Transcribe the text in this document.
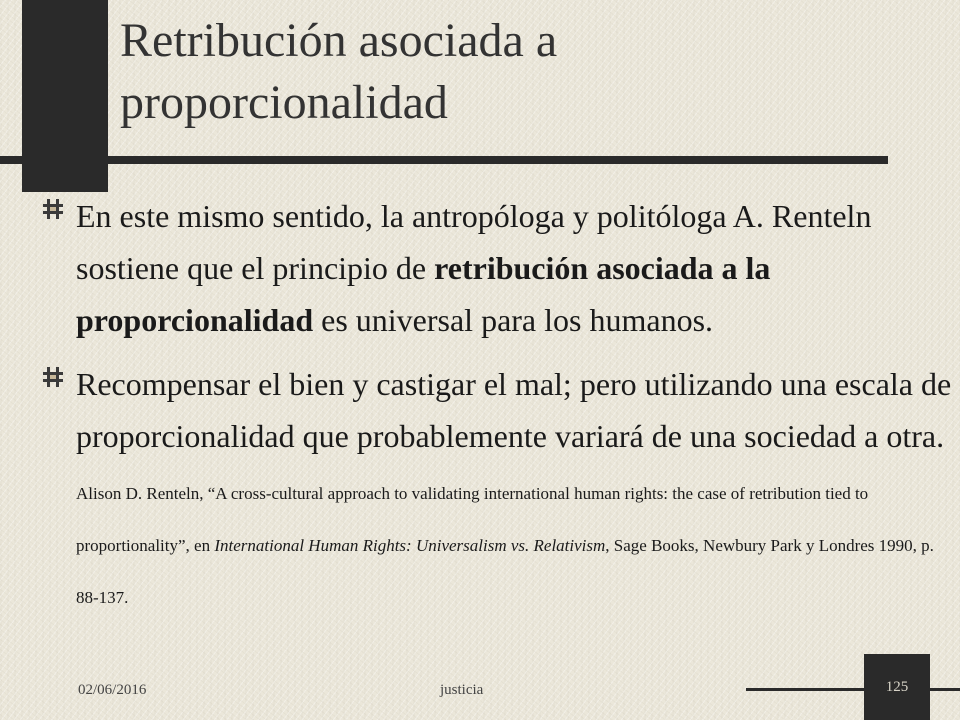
Retribución asociada a
proporcionalidad
En este mismo sentido, la antropóloga y politóloga A. Renteln sostiene que el principio de retribución asociada a la proporcionalidad es universal para los humanos.
Recompensar el bien y castigar el mal; pero utilizando una escala de proporcionalidad que probablemente variará de una sociedad a otra. Alison D. Renteln, “A cross-cultural approach to validating international human rights: the case of retribution tied to proportionality”, en International Human Rights: Universalism vs. Relativism, Sage Books, Newbury Park y Londres 1990, p. 88-137.
02/06/2016	justicia	125
